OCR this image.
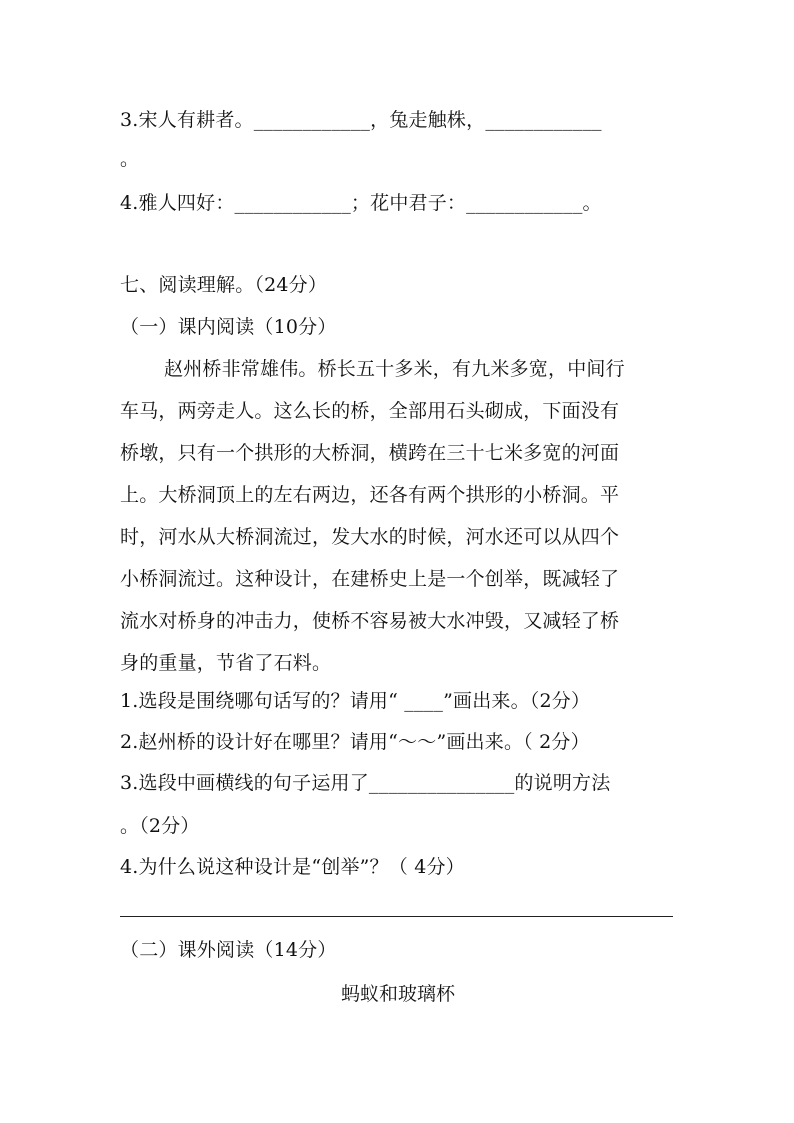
3.宋人有耕者。____________，兔走触株，____________
。
4.雅人四好：____________；花中君子：____________。
七、阅读理解。（24分）
（一）课内阅读（10分）
赵州桥非常雄伟。桥长五十多米，有九米多宽，中间行
车马，两旁走人。这么长的桥，全部用石头砌成，下面没有
桥墩，只有一个拱形的大桥洞，横跨在三十七米多宽的河面
上。大桥洞顶上的左右两边，还各有两个拱形的小桥洞。平
时，河水从大桥洞流过，发大水的时候，河水还可以从四个
小桥洞流过。这种设计，在建桥史上是一个创举，既减轻了
流水对桥身的冲击力，使桥不容易被大水冲毁，又减轻了桥
身的重量，节省了石料。
1.选段是围绕哪句话写的？请用“ ____”画出来。（2分）
2.赵州桥的设计好在哪里？请用“～～”画出来。（ 2分）
3.选段中画横线的句子运用了_______________的说明方法
。（2分）
4.为什么说这种设计是“创举”？（ 4分）
（二）课外阅读（14分）
蚂蚁和玻璃杯
